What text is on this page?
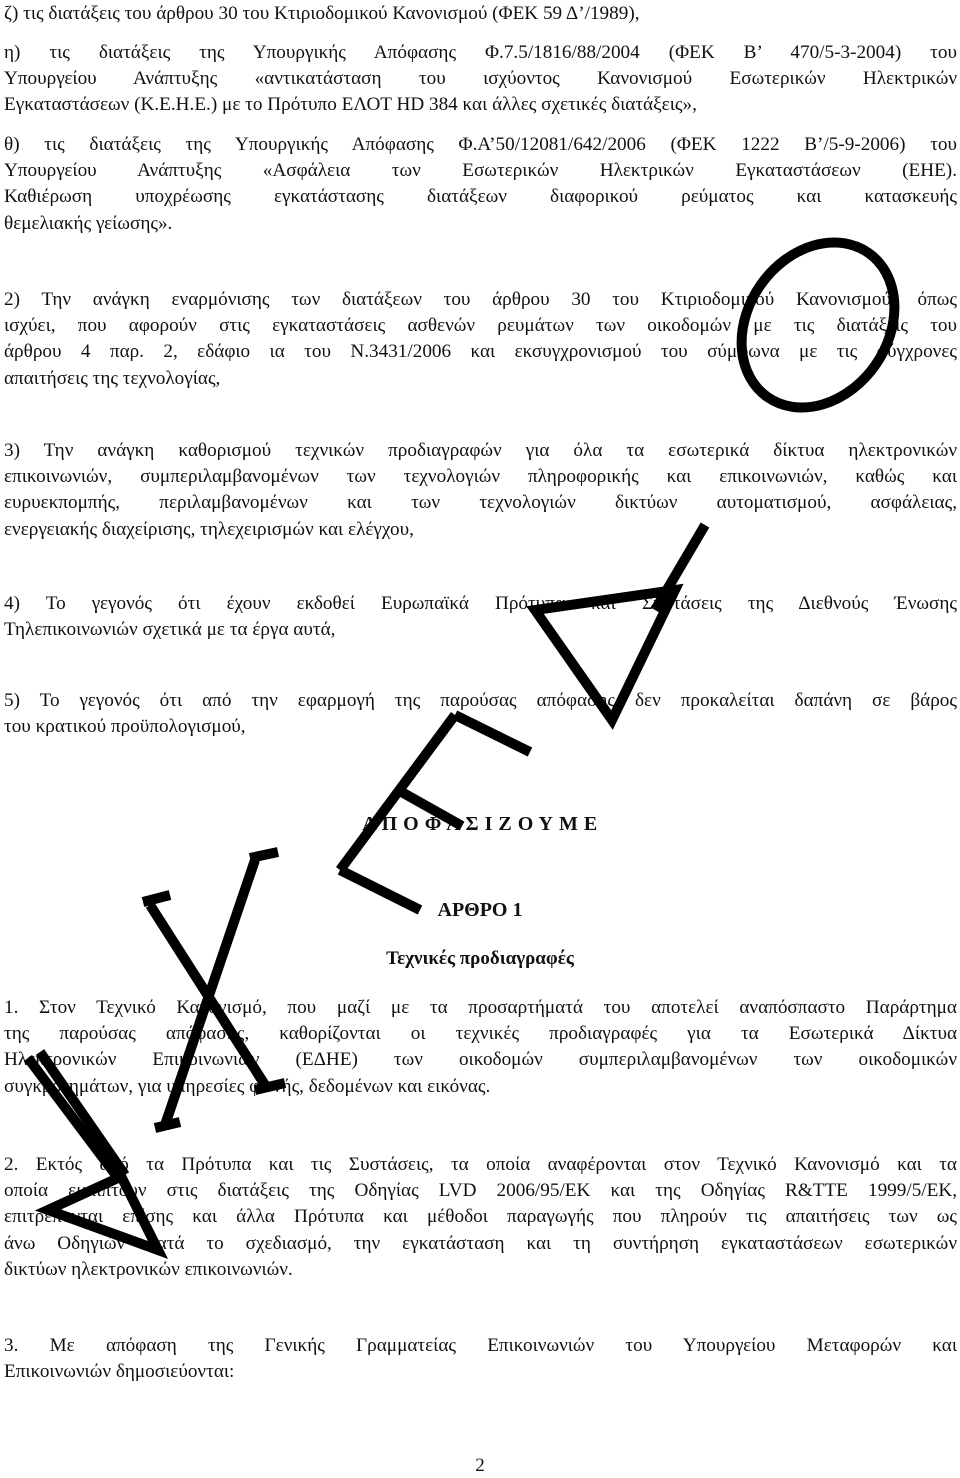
ζ) τις διατάξεις του άρθρου 30 του Κτιριοδομικού Κανονισμού (ΦΕΚ 59 Δ’/1989),
η) τις διατάξεις της Υπουργικής Απόφασης Φ.7.5/1816/88/2004 (ΦΕΚ Β’ 470/5-3-2004) του
Υπουργείου Ανάπτυξης «αντικατάσταση του ισχύοντος Κανονισμού Εσωτερικών Ηλεκτρικών
Εγκαταστάσεων (Κ.Ε.Η.Ε.) με το Πρότυπο ΕΛΟΤ HD 384 και άλλες σχετικές διατάξεις»,
θ) τις διατάξεις της Υπουργικής Απόφασης Φ.Α’50/12081/642/2006 (ΦΕΚ 1222 Β’/5-9-2006) του
Υπουργείου Ανάπτυξης «Ασφάλεια των Εσωτερικών Ηλεκτρικών Εγκαταστάσεων (ΕΗΕ).
Καθιέρωση υποχρέωσης εγκατάστασης διατάξεων διαφορικού ρεύματος και κατασκευής
θεμελιακής γείωσης».
2) Την ανάγκη εναρμόνισης των διατάξεων του άρθρου 30 του Κτιριοδομικού Κανονισμού, όπως
ισχύει, που αφορούν στις εγκαταστάσεις ασθενών ρευμάτων των οικοδομών με τις διατάξεις του
άρθρου 4 παρ. 2, εδάφιο ια του Ν.3431/2006 και εκσυγχρονισμού του σύμφωνα με τις σύγχρονες
απαιτήσεις της τεχνολογίας,
3) Την ανάγκη καθορισμού τεχνικών προδιαγραφών για όλα τα εσωτερικά δίκτυα ηλεκτρονικών
επικοινωνιών, συμπεριλαμβανομένων των τεχνολογιών πληροφορικής και επικοινωνιών, καθώς και
ευρυεκπομπής, περιλαμβανομένων και των τεχνολογιών δικτύων αυτοματισμού, ασφάλειας,
ενεργειακής διαχείρισης, τηλεχειρισμών και ελέγχου,
4) Το γεγονός ότι έχουν εκδοθεί Ευρωπαϊκά Πρότυπα και Συστάσεις της Διεθνούς Ένωσης
Τηλεπικοινωνιών σχετικά με τα έργα αυτά,
5) Το γεγονός ότι από την εφαρμογή της παρούσας απόφασης δεν προκαλείται δαπάνη σε βάρος
του κρατικού προϋπολογισμού,

Α Π Ο Φ Α Σ Ι Ζ Ο Υ Μ Ε

ΑΡΘΡΟ 1

Τεχνικές προδιαγραφές

1. Στον Τεχνικό Κανονισμό, που μαζί με τα προσαρτήματά του αποτελεί αναπόσπαστο Παράρτημα
της παρούσας απόφασης, καθορίζονται οι τεχνικές προδιαγραφές για τα Εσωτερικά Δίκτυα
Ηλεκτρονικών Επικοινωνιών (ΕΔΗΕ) των οικοδομών συμπεριλαμβανομένων των οικοδομικών
συγκροτημάτων, για υπηρεσίες φωνής, δεδομένων και εικόνας.
2. Εκτός από τα Πρότυπα και τις Συστάσεις, τα οποία αναφέρονται στον Τεχνικό Κανονισμό και τα
οποία εμπίπτουν στις διατάξεις της Οδηγίας LVD 2006/95/ΕΚ και της Οδηγίας R&TTE 1999/5/ΕΚ,
επιτρέπονται επίσης και άλλα Πρότυπα και μέθοδοι παραγωγής που πληρούν τις απαιτήσεις των ως
άνω Οδηγιών κατά το σχεδιασμό, την εγκατάσταση και τη συντήρηση εγκαταστάσεων εσωτερικών
δικτύων ηλεκτρονικών επικοινωνιών.
3. Με απόφαση της Γενικής Γραμματείας Επικοινωνιών του Υπουργείου Μεταφορών και
Επικοινωνιών δημοσιεύονται:

2
